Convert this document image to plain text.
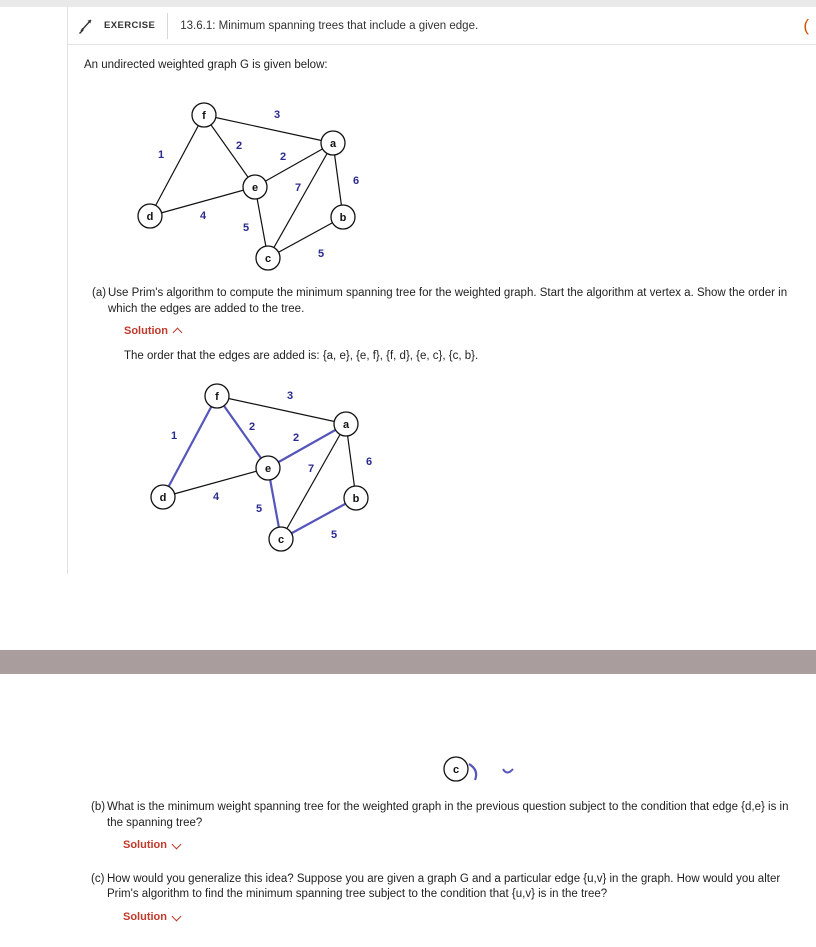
EXERCISE 13.6.1: Minimum spanning trees that include a given edge.	(

An undirected weighted graph G is given below:

f
a
e
d	b
c
3
2
1	2
4
5
7
6
5
(a) Use Prim's algorithm to compute the minimum spanning tree for the weighted graph. Start the algorithm at vertex a. Show the order in which the edges are added to the tree.
Solution
The order that the edges are added is: {a, e}, {e, f}, {f, d}, {e, c}, {c, b}.
f
a
e
d	b
c
3
2
1	2
4
5
7
6
5
c
(b) What is the minimum weight spanning tree for the weighted graph in the previous question subject to the condition that edge {d,e} is in the spanning tree?
Solution
(c) How would you generalize this idea? Suppose you are given a graph G and a particular edge {u,v} in the graph. How would you alter Prim's algorithm to find the minimum spanning tree subject to the condition that {u,v} is in the tree?
Solution
